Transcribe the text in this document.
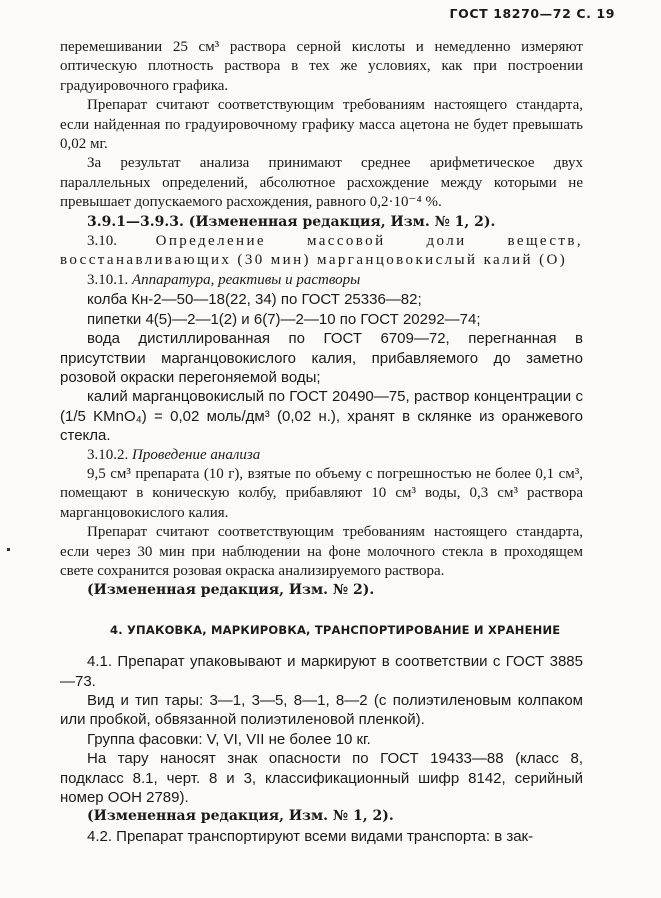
ГОСТ 18270—72 С. 19

перемешивании 25 см³ раствора серной кислоты и немедленно измеряют оптическую плотность раствора в тех же условиях, как при построении градуировочного графика.

Препарат считают соответствующим требованиям настоящего стандарта, если найденная по градуировочному графику масса ацетона не будет превышать 0,02 мг.

За результат анализа принимают среднее арифметическое двух параллельных определений, абсолютное расхождение между которыми не превышает допускаемого расхождения, равного 0,2·10⁻⁴ %.

3.9.1—3.9.3. (Измененная редакция, Изм. № 1, 2).

3.10.	Определение массовой доли веществ, восстанавливающих (30 мин) марганцовокислый калий (О)

3.10.1. Аппаратура, реактивы и растворы

колба Кн-2—50—18(22, 34) по ГОСТ 25336—82;

пипетки 4(5)—2—1(2) и 6(7)—2—10 по ГОСТ 20292—74;

вода дистиллированная по ГОСТ 6709—72, перегнанная в присутствии марганцовокислого калия, прибавляемого до заметно розовой окраски перегоняемой воды;

калий марганцовокислый по ГОСТ 20490—75, раствор концентрации с (1/5 KMnO₄) = 0,02 моль/дм³ (0,02 н.), хранят в склянке из оранжевого стекла.

3.10.2. Проведение анализа

9,5 см³ препарата (10 г), взятые по объему с погрешностью не более 0,1 см³, помещают в коническую колбу, прибавляют 10 см³ воды, 0,3 см³ раствора марганцовокислого калия.

Препарат считают соответствующим требованиям настоящего стандарта, если через 30 мин при наблюдении на фоне молочного стекла в проходящем свете сохранится розовая окраска анализируемого раствора.

(Измененная редакция, Изм. № 2).

4. УПАКОВКА, МАРКИРОВКА, ТРАНСПОРТИРОВАНИЕ И ХРАНЕНИЕ

4.1. Препарат упаковывают и маркируют в соответствии с ГОСТ 3885—73.

Вид и тип тары: 3—1, 3—5, 8—1, 8—2 (с полиэтиленовым колпаком или пробкой, обвязанной полиэтиленовой пленкой).

Группа фасовки: V, VI, VII не более 10 кг.

На тару наносят знак опасности по ГОСТ 19433—88 (класс 8, подкласс 8.1, черт. 8 и 3, классификационный шифр 8142, серийный номер ООН 2789).

(Измененная редакция, Изм. № 1, 2).

4.2. Препарат транспортируют всеми видами транспорта: в зак-
